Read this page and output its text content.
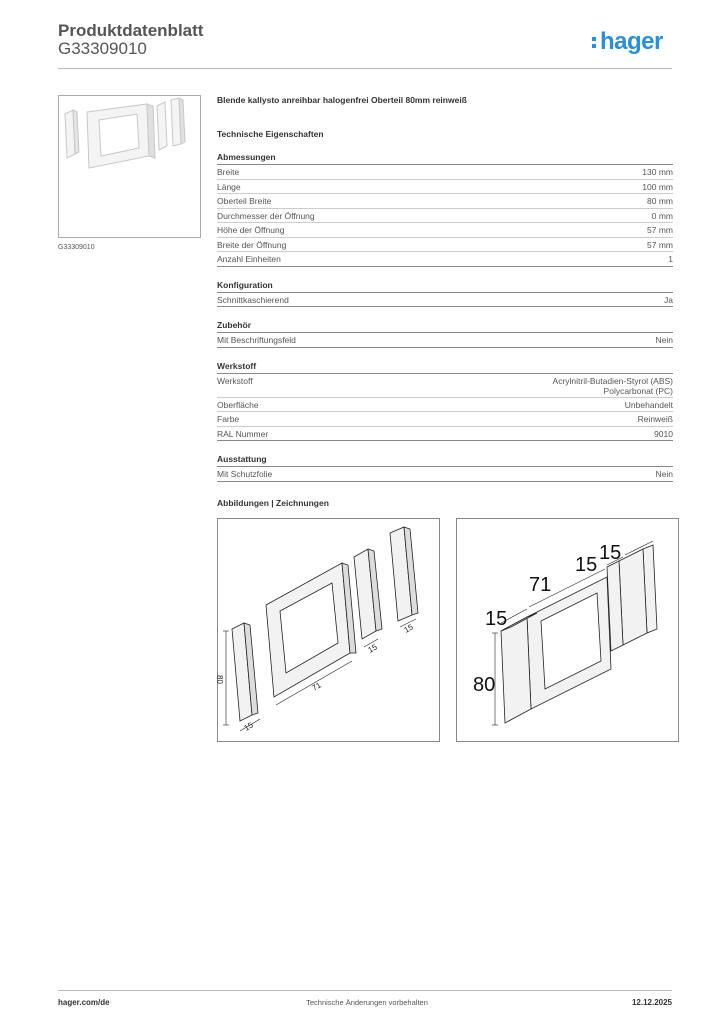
Produktdatenblatt
G33309010	hager
G33309010
Blende kallysto anreihbar halogenfrei Oberteil 80mm reinweiß
Technische Eigenschaften
Abmessungen
Breite	130 mm
Länge	100 mm
Oberteil Breite	80 mm
Durchmesser der Öffnung	0 mm
Höhe der Öffnung	57 mm
Breite der Öffnung	57 mm
Anzahl Einheiten	1
Konfiguration
Schnittkaschierend	Ja
Zubehör
Mit Beschriftungsfeld	Nein
Werkstoff
Werkstoff	Acrylnitril-Butadien-Styrol (ABS)
Polycarbonat (PC)
Oberfläche	Unbehandelt
Farbe	Reinweiß
RAL Nummer	9010
Ausstattung
Mit Schutzfolie	Nein
Abbildungen | Zeichnungen
80
71
15
15
15
15
15
71
15
80
hager.com/de	Technische Änderungen vorbehalten	12.12.2025
